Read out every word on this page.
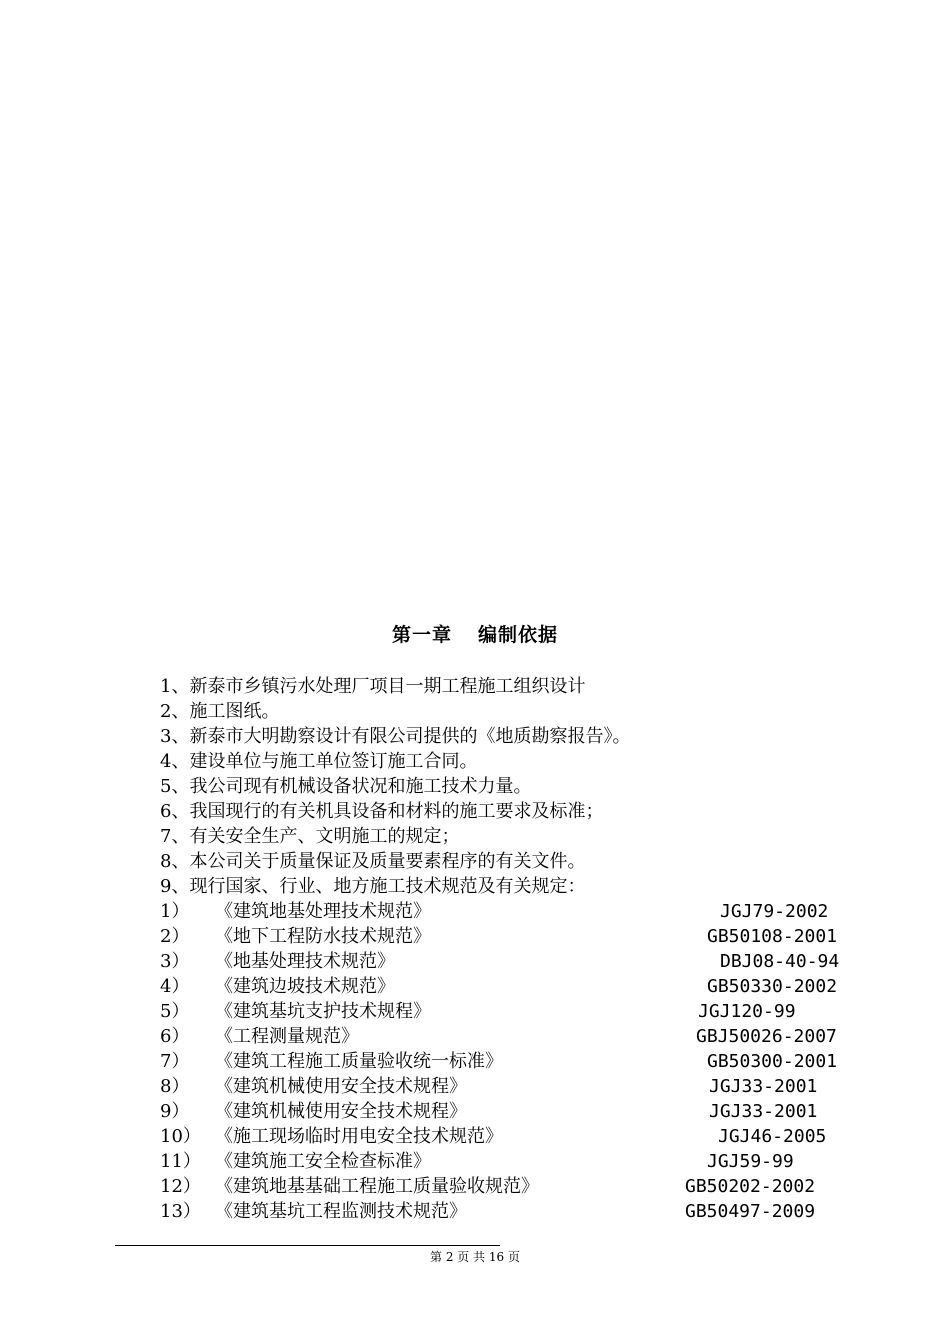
第一章 编制依据
1、新泰市乡镇污水处理厂项目一期工程施工组织设计
2、施工图纸。
3、新泰市大明勘察设计有限公司提供的《地质勘察报告》。
4、建设单位与施工单位签订施工合同。
5、我公司现有机械设备状况和施工技术力量。
6、我国现行的有关机具设备和材料的施工要求及标准；
7、有关安全生产、文明施工的规定；
8、本公司关于质量保证及质量要素程序的有关文件。
9、现行国家、行业、地方施工技术规范及有关规定：
1） 《建筑地基处理技术规范》	JGJ79-2002
2） 《地下工程防水技术规范》	GB50108-2001
3） 《地基处理技术规范》	DBJ08-40-94
4） 《建筑边坡技术规范》	GB50330-2002
5） 《建筑基坑支护技术规程》	JGJ120-99
6） 《工程测量规范》	GBJ50026-2007
7） 《建筑工程施工质量验收统一标准》	GB50300-2001
8） 《建筑机械使用安全技术规程》	JGJ33-2001
9） 《建筑机械使用安全技术规程》	JGJ33-2001
10） 《施工现场临时用电安全技术规范》	JGJ46-2005
11） 《建筑施工安全检查标准》	JGJ59-99
12） 《建筑地基基础工程施工质量验收规范》	GB50202-2002
13） 《建筑基坑工程监测技术规范》	GB50497-2009
第 2 页 共 16 页
